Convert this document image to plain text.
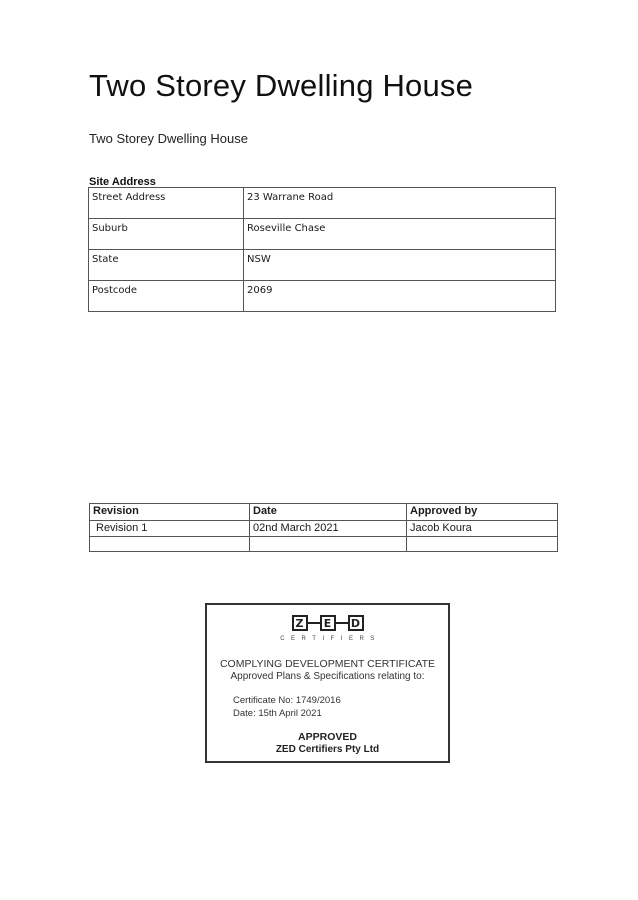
Two Storey Dwelling House
Two Storey Dwelling House
Site Address
Street Address	23 Warrane Road
Suburb	Roseville Chase
State	NSW
Postcode	2069
Revision	Date	Approved by
Revision 1	02nd March 2021	Jacob Koura

Z	E	D
CERTIFIERS
COMPLYING DEVELOPMENT CERTIFICATE
Approved Plans & Specifications relating to:
Certificate No: 1749/2016
Date: 15th April 2021
APPROVED
ZED Certifiers Pty Ltd
